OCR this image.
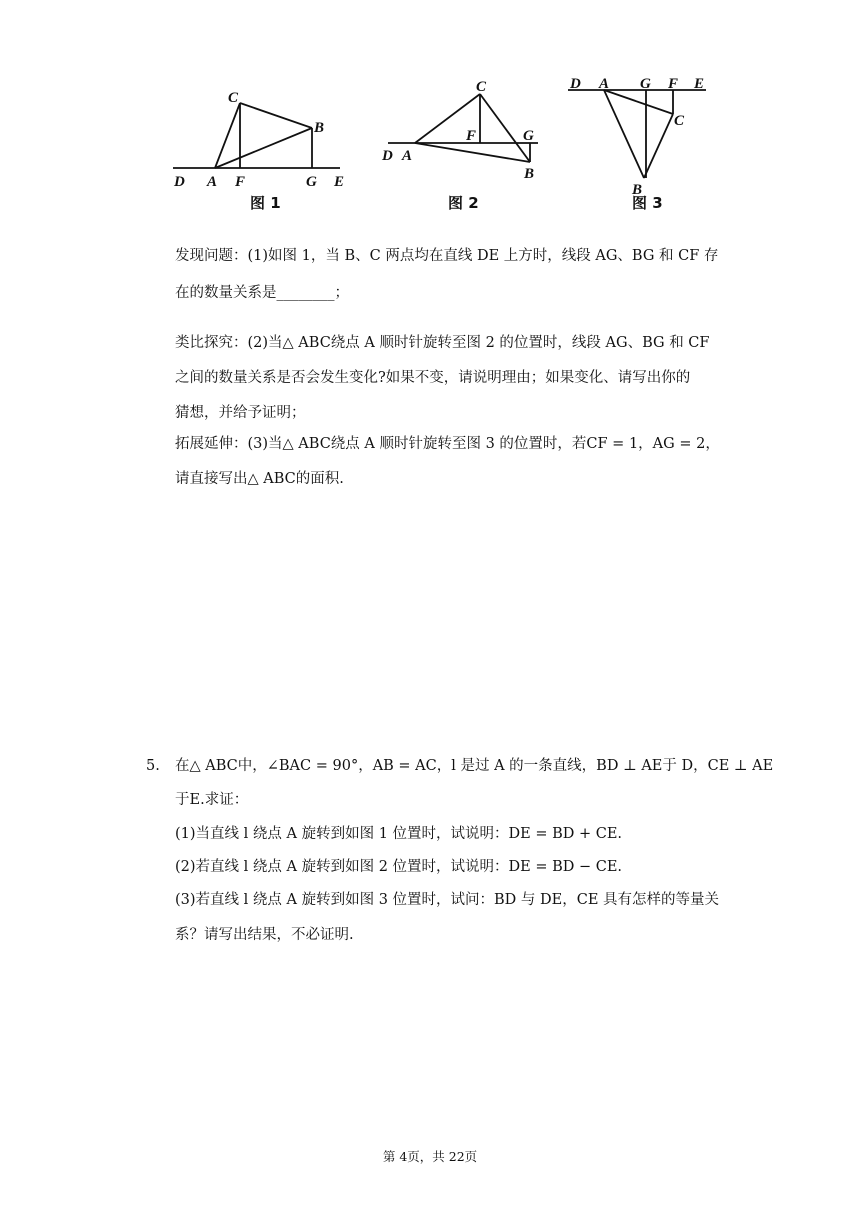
C
B
D A F	G E
图 1
C
F	G
D A
B
图 2
D A G F E
C
B
图 3
发现问题：(1)如图 1，当 B、C 两点均在直线 DE 上方时，线段 AG、BG 和 CF 存
在的数量关系是________；
类比探究：(2)当△ ABC绕点 A 顺时针旋转至图 2 的位置时，线段 AG、BG 和 CF
之间的数量关系是否会发生变化?如果不变，请说明理由；如果变化、请写出你的
猜想，并给予证明；
拓展延伸：(3)当△ ABC绕点 A 顺时针旋转至图 3 的位置时，若CF = 1，AG = 2，
请直接写出△ ABC的面积.
5. 在△ ABC中，∠BAC = 90°，AB = AC，l 是过 A 的一条直线，BD ⊥ AE于 D，CE ⊥ AE
于E.求证：
(1)当直线 l 绕点 A 旋转到如图 1 位置时，试说明：DE = BD + CE.
(2)若直线 l 绕点 A 旋转到如图 2 位置时，试说明：DE = BD − CE.
(3)若直线 l 绕点 A 旋转到如图 3 位置时，试问：BD 与 DE，CE 具有怎样的等量关
系？请写出结果，不必证明.
第 4页，共 22页
